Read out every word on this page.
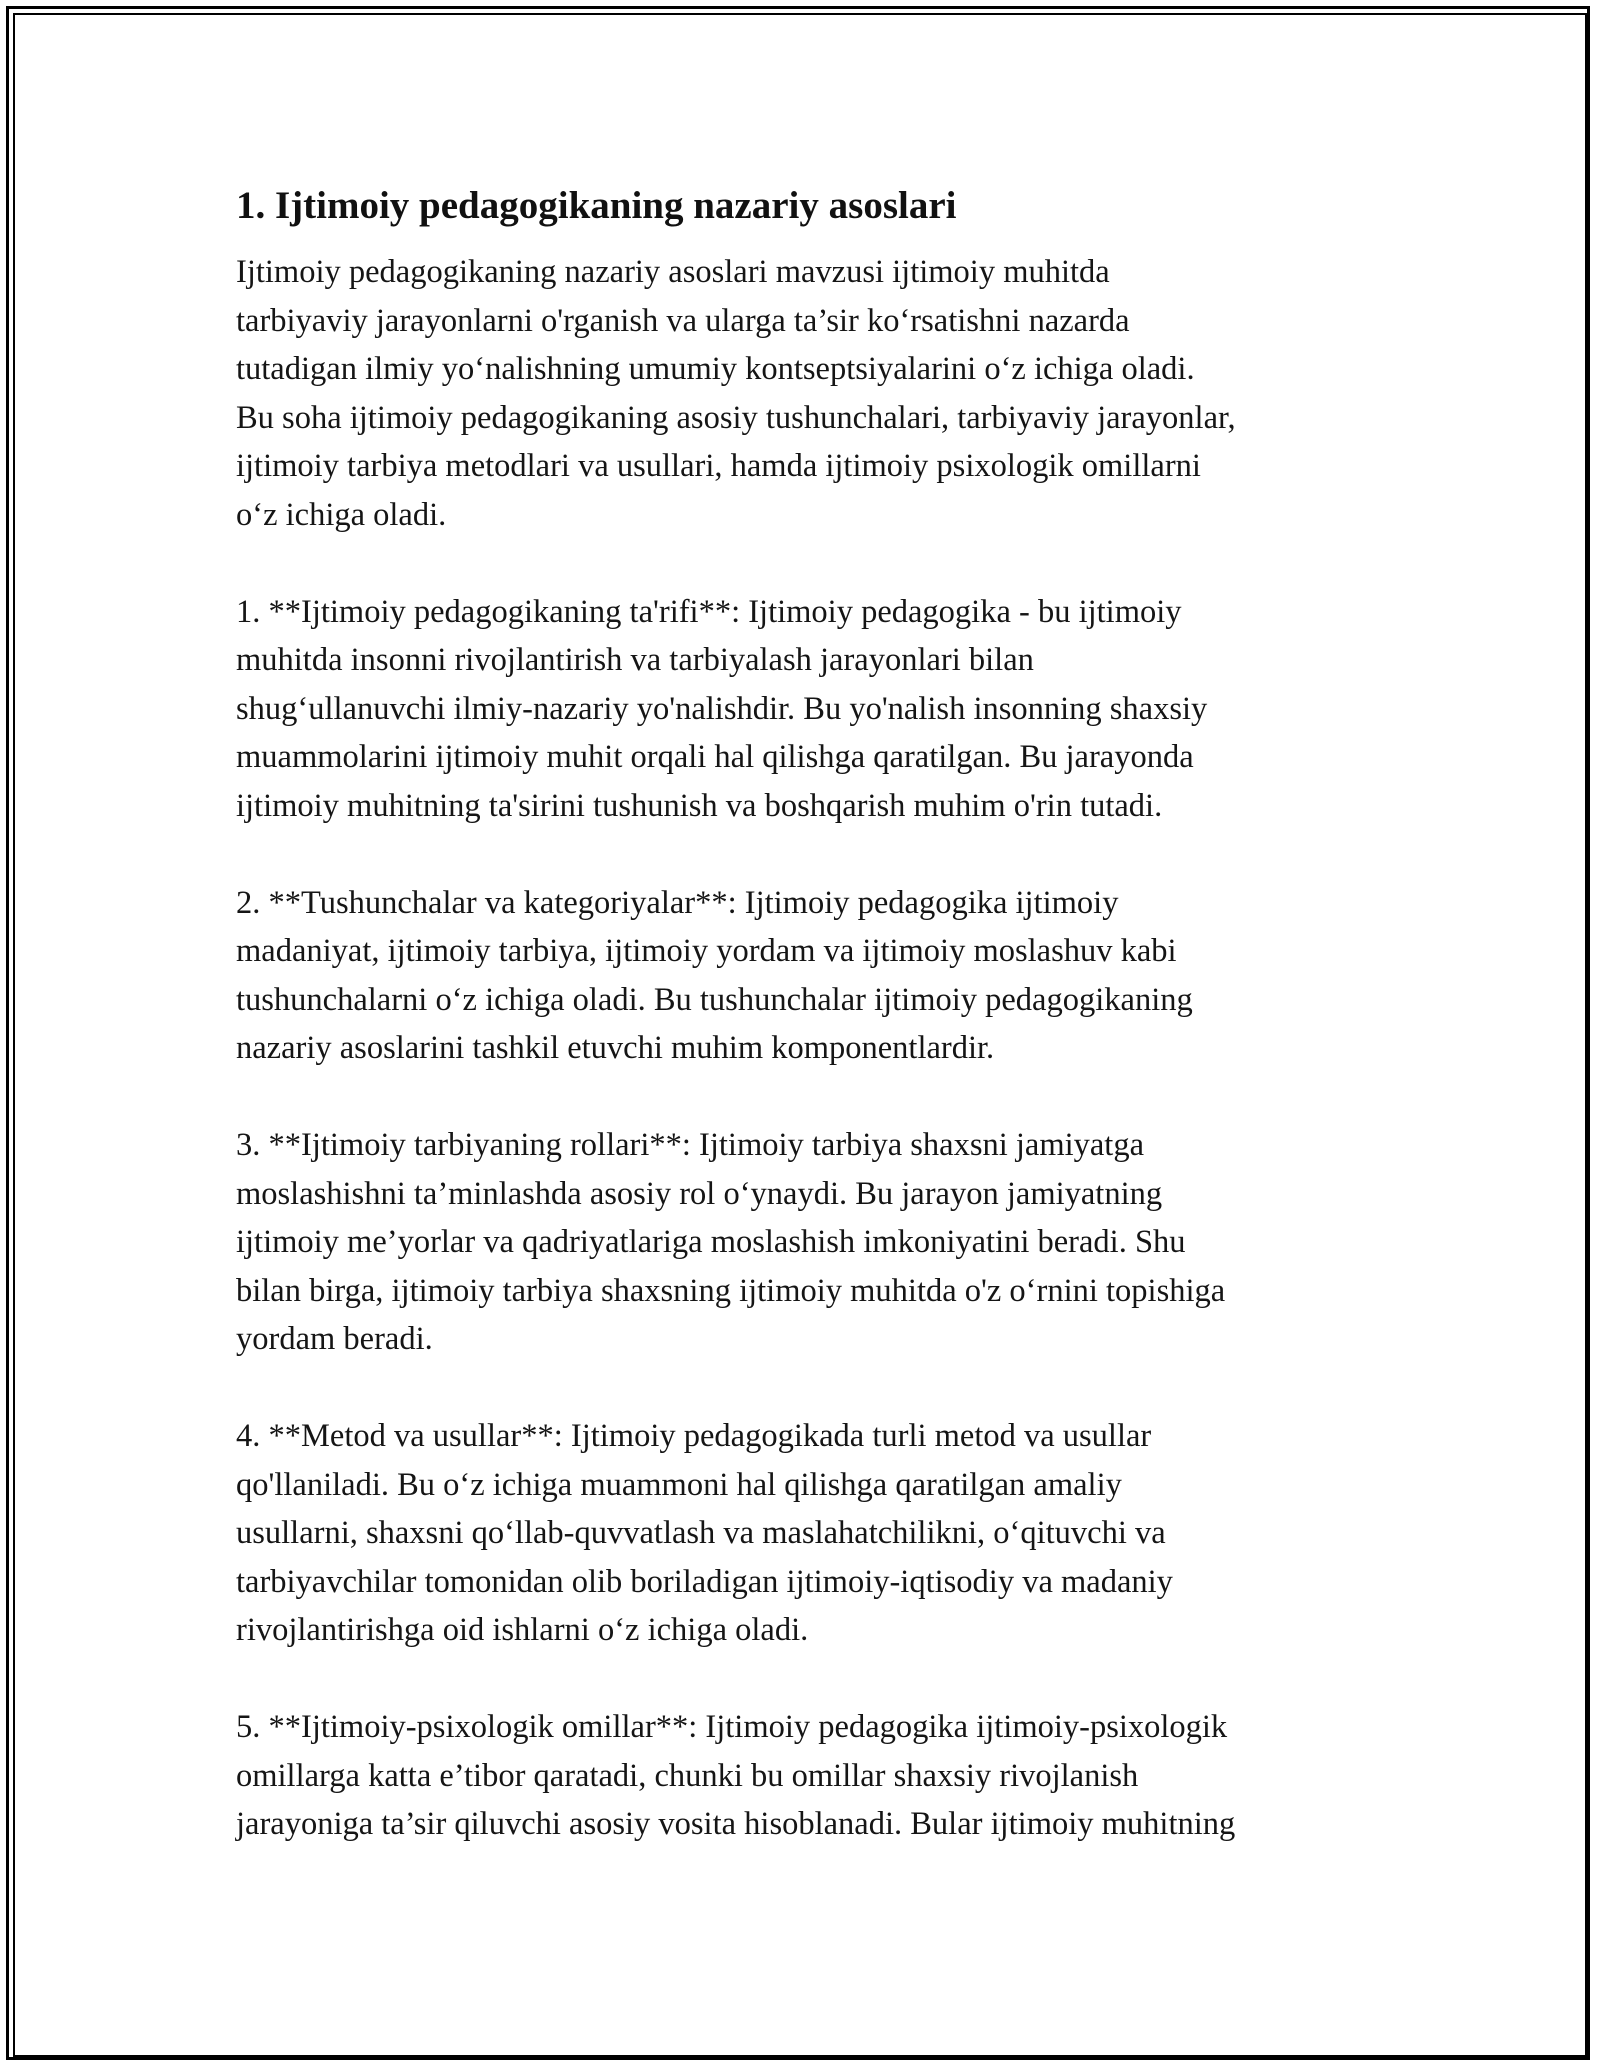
1. Ijtimoiy pedagogikaning nazariy asoslari
Ijtimoiy pedagogikaning nazariy asoslari mavzusi ijtimoiy muhitda
tarbiyaviy jarayonlarni o'rganish va ularga ta’sir ko‘rsatishni nazarda
tutadigan ilmiy yo‘nalishning umumiy kontseptsiyalarini o‘z ichiga oladi.
Bu soha ijtimoiy pedagogikaning asosiy tushunchalari, tarbiyaviy jarayonlar,
ijtimoiy tarbiya metodlari va usullari, hamda ijtimoiy psixologik omillarni
o‘z ichiga oladi.
1. **Ijtimoiy pedagogikaning ta'rifi**: Ijtimoiy pedagogika - bu ijtimoiy
muhitda insonni rivojlantirish va tarbiyalash jarayonlari bilan
shug‘ullanuvchi ilmiy-nazariy yo'nalishdir. Bu yo'nalish insonning shaxsiy
muammolarini ijtimoiy muhit orqali hal qilishga qaratilgan. Bu jarayonda
ijtimoiy muhitning ta'sirini tushunish va boshqarish muhim o'rin tutadi.
2. **Tushunchalar va kategoriyalar**: Ijtimoiy pedagogika ijtimoiy
madaniyat, ijtimoiy tarbiya, ijtimoiy yordam va ijtimoiy moslashuv kabi
tushunchalarni o‘z ichiga oladi. Bu tushunchalar ijtimoiy pedagogikaning
nazariy asoslarini tashkil etuvchi muhim komponentlardir.
3. **Ijtimoiy tarbiyaning rollari**: Ijtimoiy tarbiya shaxsni jamiyatga
moslashishni ta’minlashda asosiy rol o‘ynaydi. Bu jarayon jamiyatning
ijtimoiy me’yorlar va qadriyatlariga moslashish imkoniyatini beradi. Shu
bilan birga, ijtimoiy tarbiya shaxsning ijtimoiy muhitda o'z o‘rnini topishiga
yordam beradi.
4. **Metod va usullar**: Ijtimoiy pedagogikada turli metod va usullar
qo'llaniladi. Bu o‘z ichiga muammoni hal qilishga qaratilgan amaliy
usullarni, shaxsni qo‘llab-quvvatlash va maslahatchilikni, o‘qituvchi va
tarbiyavchilar tomonidan olib boriladigan ijtimoiy-iqtisodiy va madaniy
rivojlantirishga oid ishlarni o‘z ichiga oladi.
5. **Ijtimoiy-psixologik omillar**: Ijtimoiy pedagogika ijtimoiy-psixologik
omillarga katta e’tibor qaratadi, chunki bu omillar shaxsiy rivojlanish
jarayoniga ta’sir qiluvchi asosiy vosita hisoblanadi. Bular ijtimoiy muhitning
